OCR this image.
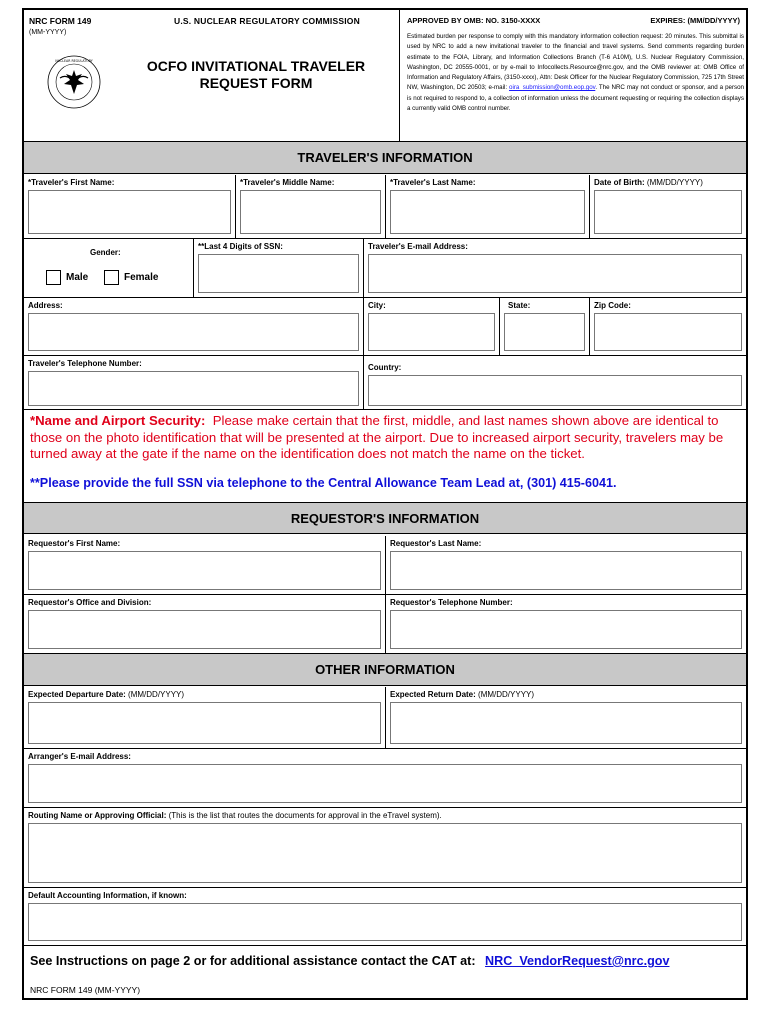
NRC FORM 149
(MM-YYYY)
U.S. NUCLEAR REGULATORY COMMISSION
NUCLEAR REGULATORY	OCFO INVITATIONAL TRAVELER
REQUEST FORM
APPROVED BY OMB: NO. 3150-XXXX	EXPIRES: (MM/DD/YYYY)
Estimated burden per response to comply with this mandatory information collection request: 20 minutes. This submittal is used by NRC to add a new invitational traveler to the financial and travel systems. Send comments regarding burden estimate to the FOIA, Library, and Information Collections Branch (T-6 A10M), U.S. Nuclear Regulatory Commission, Washington, DC 20555-0001, or by e-mail to Infocollects.Resource@nrc.gov, and the OMB reviewer at: OMB Office of Information and Regulatory Affairs, (3150-xxxx), Attn: Desk Officer for the Nuclear Regulatory Commission, 725 17th Street NW, Washington, DC 20503; e-mail: oira_submission@omb.eop.gov. The NRC may not conduct or sponsor, and a person is not required to respond to, a collection of information unless the document requesting or requiring the collection displays a currently valid OMB control number.
TRAVELER'S INFORMATION
*Traveler's First Name:	*Traveler's Middle Name:	*Traveler's Last Name:	Date of Birth: (MM/DD/YYYY)
Gender:
Male	Female
**Last 4 Digits of SSN:	Traveler's E-mail Address:
Address:	City:	State:	Zip Code:
Traveler's Telephone Number:	Country:
*Name and Airport Security: Please make certain that the first, middle, and last names shown above are identical to those on the photo identification that will be presented at the airport. Due to increased airport security, travelers may be turned away at the gate if the name on the identification does not match the name on the ticket.
**Please provide the full SSN via telephone to the Central Allowance Team Lead at, (301) 415-6041.
REQUESTOR'S INFORMATION
Requestor's First Name:	Requestor's Last Name:
Requestor's Office and Division:	Requestor's Telephone Number:
OTHER INFORMATION
Expected Departure Date: (MM/DD/YYYY)	Expected Return Date: (MM/DD/YYYY)
Arranger's E-mail Address:
Routing Name or Approving Official: (This is the list that routes the documents for approval in the eTravel system).
Default Accounting Information, if known:
See Instructions on page 2 or for additional assistance contact the CAT at: NRC_VendorRequest@nrc.gov
NRC FORM 149 (MM-YYYY)
